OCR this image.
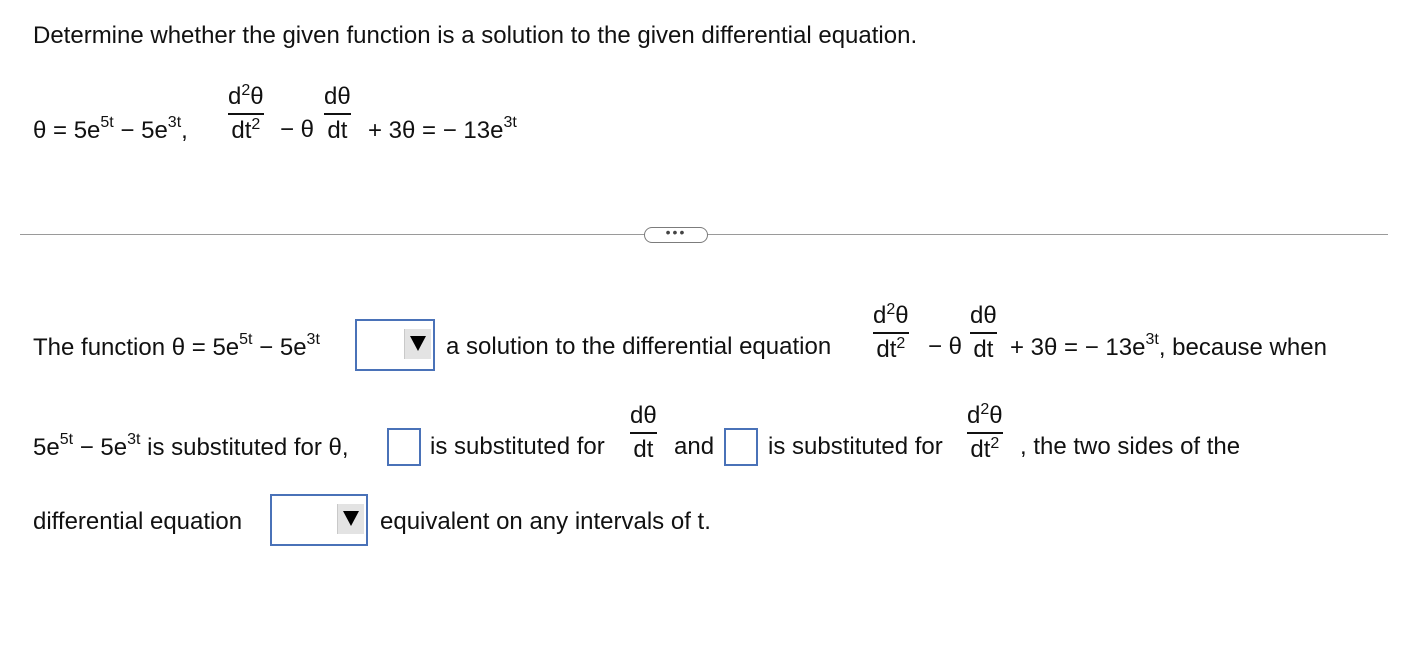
Determine whether the given function is a solution to the given differential equation.
$\theta = 5e^{5t} - 5e^{3t}$,
$d^2\theta$
$dt^2 - \theta$
dθ
dt + 3θ = − $13e^{3t}$
•••
The function $\theta = 5e^{5t} - 5e^{3t}$	a solution to the differential equation
$d^2\theta$
$dt^2 - \theta$
dθ
dt + 3θ = − $13e^{3t}$, because when
$5e^{5t} - 5e^{3t}$ is substituted for θ,	is substituted for
dθ
dt and is substituted for
$d^2\theta$
$dt^2$ , the two sides of the
differential equation	equivalent on any intervals of t.
